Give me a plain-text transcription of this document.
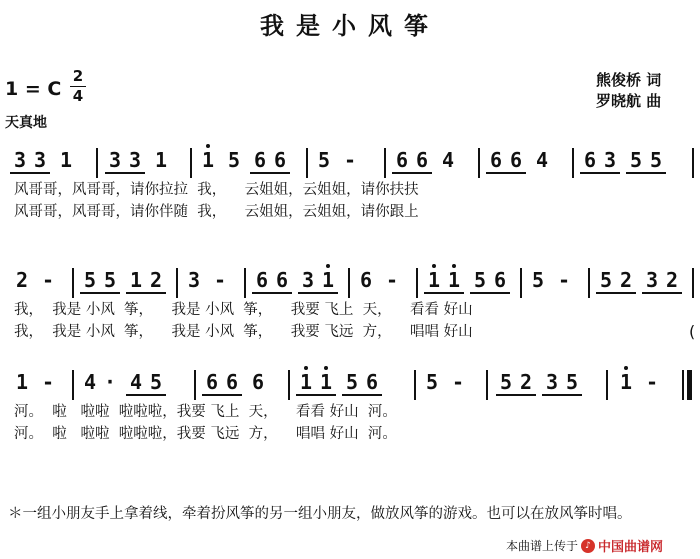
我是小风筝
1 = C
2
4
天真地
熊俊桥 词
罗晓航 曲
3 3 1 3 3 1 1 5 6 6 5 - 6 6 4 6 6 4 6 3 5 5
风哥哥，风哥哥，请你拉拉  我，    云姐姐，云姐姐，请你扶扶
风哥哥，风哥哥，请你伴随  我，    云姐姐，云姐姐，请你跟上
2 - 5 5 1 2 3 - 6 6 3 1 6 - 1 1 5 6 5 - 5 2 3 2
我，  我是 小风  筝，    我是 小风  筝，    我要 飞上  天，    看看 好山
我，  我是 小风  筝，    我是 小风  筝，    我要 飞远  方，    唱唱 好山	(
1 - 4 · 4 5 6 6 6 1 1 5 6 5 - 5 2 3 5 1 -
河。  啦   啦啦  啦啦啦，我要 飞上  天，    看看 好山  河。
河。  啦   啦啦  啦啦啦，我要 飞远  方，    唱唱 好山  河。
＊一组小朋友手上拿着线，牵着扮风筝的另一组小朋友，做放风筝的游戏。也可以在放风筝时唱。
本曲谱上传于 ♪ 中国曲谱网
